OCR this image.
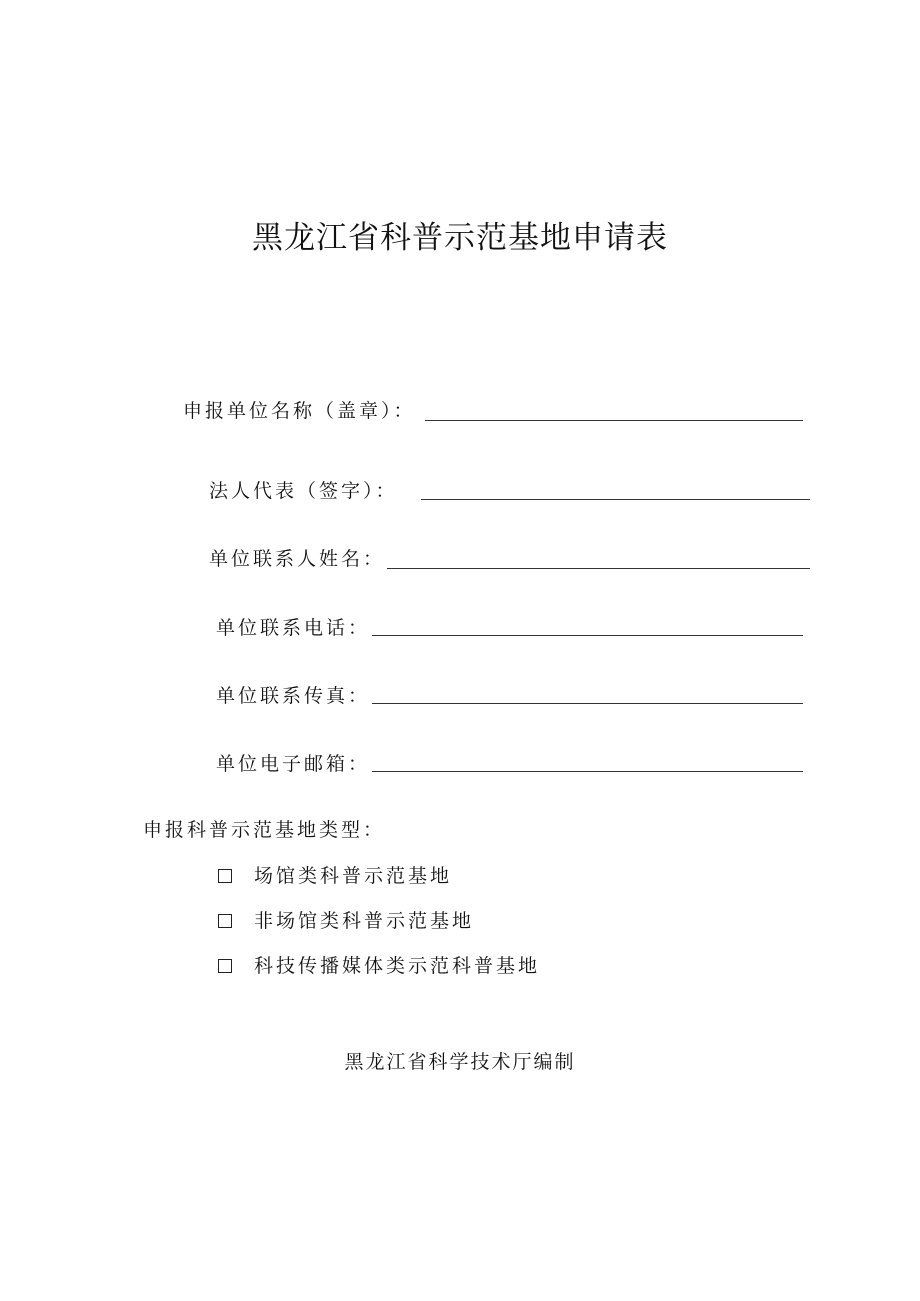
黑龙江省科普示范基地申请表
申报单位名称（盖章）：
法人代表（签字）：
单位联系人姓名：
单位联系电话：
单位联系传真：
单位电子邮箱：
申报科普示范基地类型：
场馆类科普示范基地
非场馆类科普示范基地
科技传播媒体类示范科普基地
黑龙江省科学技术厅编制
